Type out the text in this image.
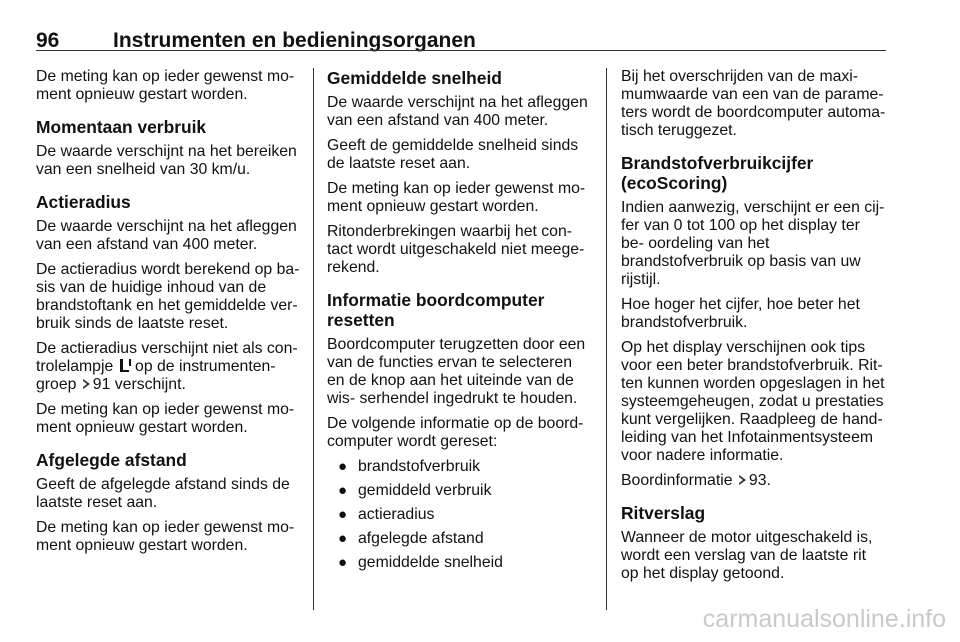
96	Instrumenten en bedieningsorganen

De meting kan op ieder gewenst mo- ment opnieuw gestart worden.

Momentaan verbruik

De waarde verschijnt na het bereiken van een snelheid van 30 km/u.

Actieradius

De waarde verschijnt na het afleggen van een afstand van 400 meter.

De actieradius wordt berekend op ba- sis van de huidige inhoud van de brandstoftank en het gemiddelde ver- bruik sinds de laatste reset.

De actieradius verschijnt niet als con- trolelampje op de instrumenten- groep 91 verschijnt.

De meting kan op ieder gewenst mo- ment opnieuw gestart worden.

Afgelegde afstand

Geeft de afgelegde afstand sinds de laatste reset aan.

De meting kan op ieder gewenst mo- ment opnieuw gestart worden.

Gemiddelde snelheid

De waarde verschijnt na het afleggen van een afstand van 400 meter.

Geeft de gemiddelde snelheid sinds de laatste reset aan.

De meting kan op ieder gewenst mo- ment opnieuw gestart worden.

Ritonderbrekingen waarbij het con- tact wordt uitgeschakeld niet meege- rekend.

Informatie boordcomputer resetten

Boordcomputer terugzetten door een van de functies ervan te selecteren en de knop aan het uiteinde van de wis- serhendel ingedrukt te houden.

De volgende informatie op de boord- computer wordt gereset:

● brandstofverbruik
● gemiddeld verbruik
● actieradius
● afgelegde afstand
● gemiddelde snelheid

Bij het overschrijden van de maxi- mumwaarde van een van de parame- ters wordt de boordcomputer automa- tisch teruggezet.

Brandstofverbruikcijfer (ecoScoring)

Indien aanwezig, verschijnt er een cij- fer van 0 tot 100 op het display ter be- oordeling van het brandstofverbruik op basis van uw rijstijl.

Hoe hoger het cijfer, hoe beter het brandstofverbruik.

Op het display verschijnen ook tips voor een beter brandstofverbruik. Rit- ten kunnen worden opgeslagen in het systeemgeheugen, zodat u prestaties kunt vergelijken. Raadpleeg de hand- leiding van het Infotainmentsysteem voor nadere informatie.

Boordinformatie 93.

Ritverslag

Wanneer de motor uitgeschakeld is, wordt een verslag van de laatste rit op het display getoond.

carmanualsonline.info
